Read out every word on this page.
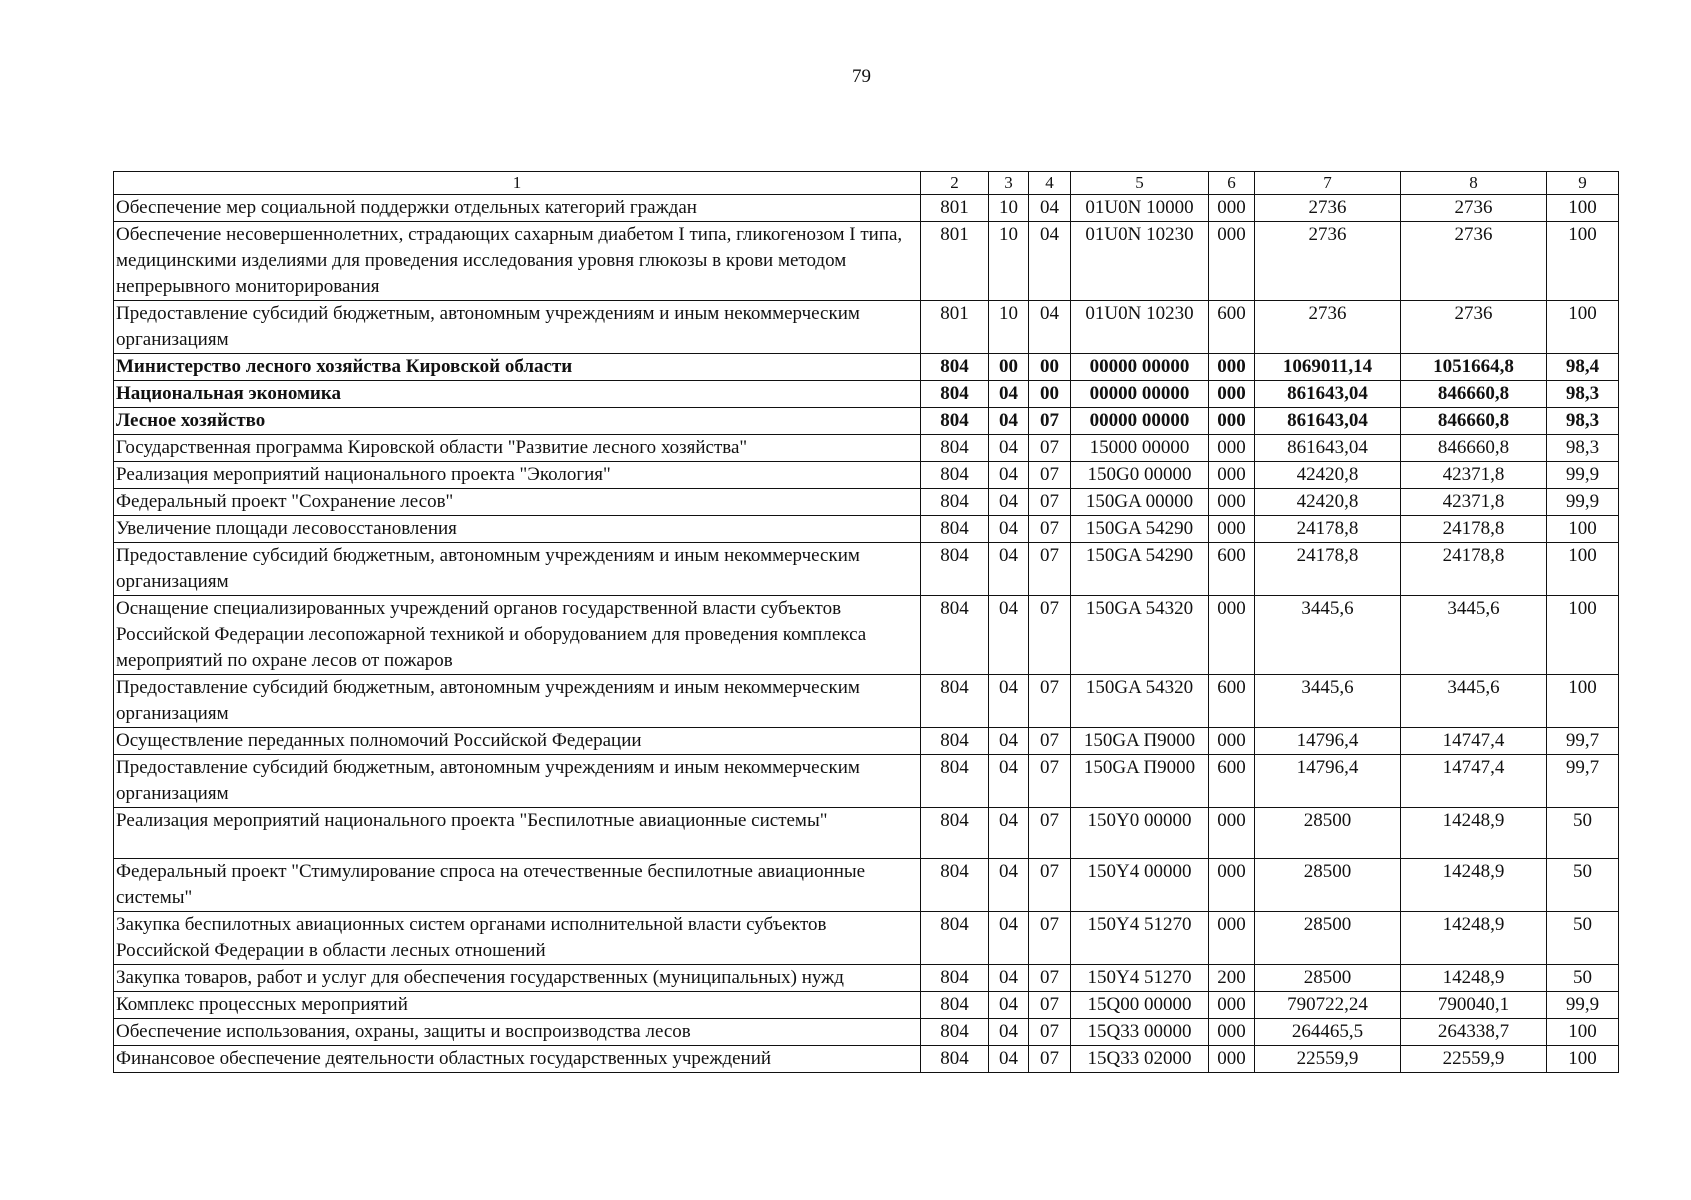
79
1	2	3	4	5	6	7	8	9
Обеспечение мер социальной поддержки отдельных категорий граждан	801	10	04	01U0N 10000	000	2736	2736	100
Обеспечение несовершеннолетних, страдающих сахарным диабетом I типа, гликогенозом I типа, медицинскими изделиями для проведения исследования уровня глюкозы в крови методом непрерывного мониторирования	801	10	04	01U0N 10230	000	2736	2736	100
Предоставление субсидий бюджетным, автономным учреждениям и иным некоммерческим организациям	801	10	04	01U0N 10230	600	2736	2736	100
Министерство лесного хозяйства Кировской области	804	00	00	00000 00000	000	1069011,14	1051664,8	98,4
Национальная экономика	804	04	00	00000 00000	000	861643,04	846660,8	98,3
Лесное хозяйство	804	04	07	00000 00000	000	861643,04	846660,8	98,3
Государственная программа Кировской области "Развитие лесного хозяйства"	804	04	07	15000 00000	000	861643,04	846660,8	98,3
Реализация мероприятий национального проекта "Экология"	804	04	07	150G0 00000	000	42420,8	42371,8	99,9
Федеральный проект "Сохранение лесов"	804	04	07	150GA 00000	000	42420,8	42371,8	99,9
Увеличение площади лесовосстановления	804	04	07	150GA 54290	000	24178,8	24178,8	100
Предоставление субсидий бюджетным, автономным учреждениям и иным некоммерческим организациям	804	04	07	150GA 54290	600	24178,8	24178,8	100
Оснащение специализированных учреждений органов государственной власти субъектов Российской Федерации лесопожарной техникой и оборудованием для проведения комплекса мероприятий по охране лесов от пожаров	804	04	07	150GA 54320	000	3445,6	3445,6	100
Предоставление субсидий бюджетным, автономным учреждениям и иным некоммерческим организациям	804	04	07	150GA 54320	600	3445,6	3445,6	100
Осуществление переданных полномочий Российской Федерации	804	04	07	150GA П9000	000	14796,4	14747,4	99,7
Предоставление субсидий бюджетным, автономным учреждениям и иным некоммерческим организациям	804	04	07	150GA П9000	600	14796,4	14747,4	99,7
Реализация мероприятий национального проекта "Беспилотные авиационные системы"	804	04	07	150Y0 00000	000	28500	14248,9	50
Федеральный проект "Стимулирование спроса на отечественные беспилотные авиационные системы"	804	04	07	150Y4 00000	000	28500	14248,9	50
Закупка беспилотных авиационных систем органами исполнительной власти субъектов Российской Федерации в области лесных отношений	804	04	07	150Y4 51270	000	28500	14248,9	50
Закупка товаров, работ и услуг для обеспечения государственных (муниципальных) нужд	804	04	07	150Y4 51270	200	28500	14248,9	50
Комплекс процессных мероприятий	804	04	07	15Q00 00000	000	790722,24	790040,1	99,9
Обеспечение использования, охраны, защиты и воспроизводства лесов	804	04	07	15Q33 00000	000	264465,5	264338,7	100
Финансовое обеспечение деятельности областных государственных учреждений	804	04	07	15Q33 02000	000	22559,9	22559,9	100
